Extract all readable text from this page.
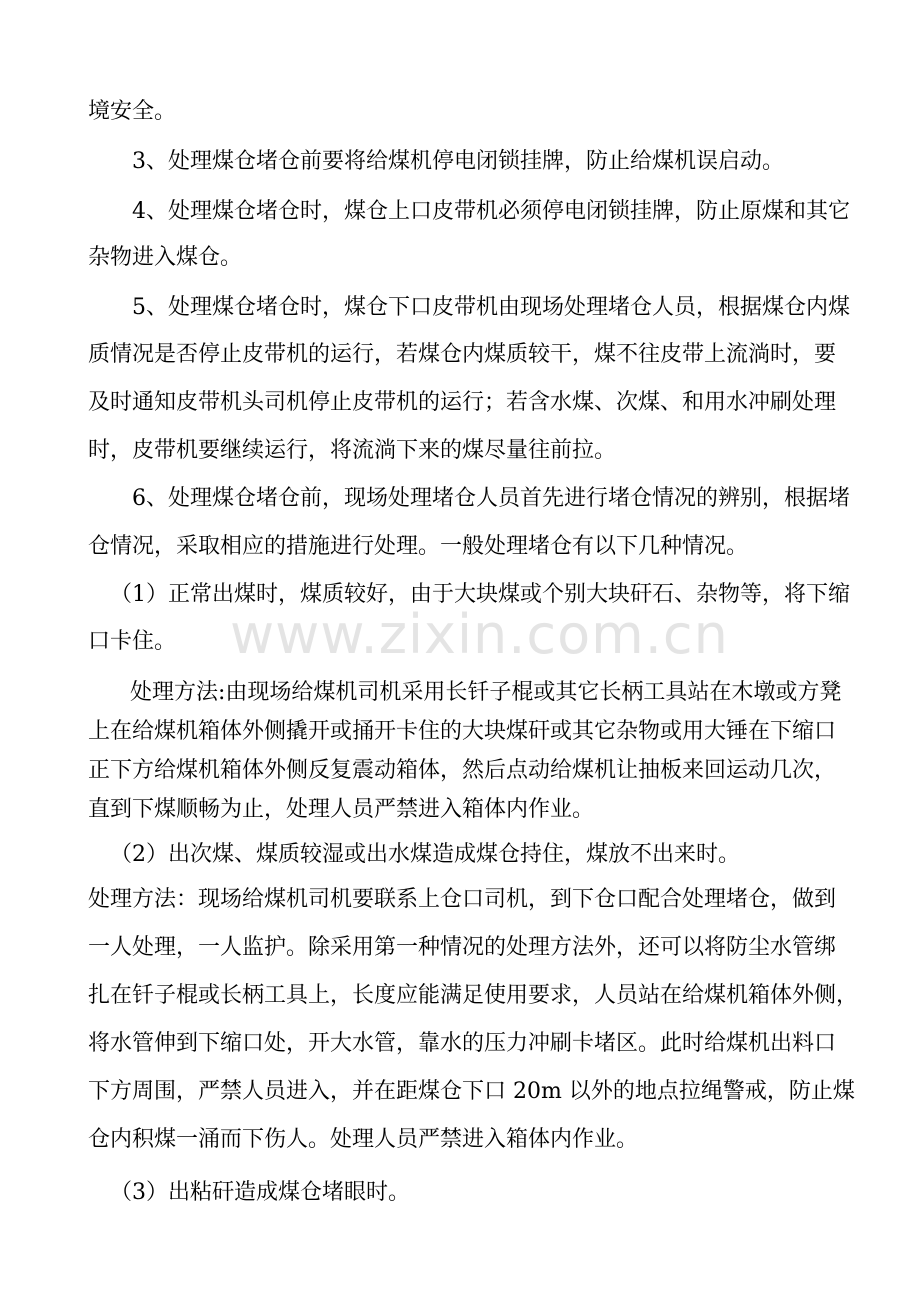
www.zixin.com.cn

境安全。

3、处理煤仓堵仓前要将给煤机停电闭锁挂牌，防止给煤机误启动。

4、处理煤仓堵仓时，煤仓上口皮带机必须停电闭锁挂牌，防止原煤和其它

杂物进入煤仓。

5、处理煤仓堵仓时，煤仓下口皮带机由现场处理堵仓人员，根据煤仓内煤

质情况是否停止皮带机的运行，若煤仓内煤质较干，煤不往皮带上流淌时，要

及时通知皮带机头司机停止皮带机的运行；若含水煤、次煤、和用水冲刷处理

时，皮带机要继续运行，将流淌下来的煤尽量往前拉。

6、处理煤仓堵仓前，现场处理堵仓人员首先进行堵仓情况的辨别，根据堵

仓情况，采取相应的措施进行处理。一般处理堵仓有以下几种情况。

（1）正常出煤时，煤质较好，由于大块煤或个别大块矸石、杂物等，将下缩

口卡住。

处理方法:由现场给煤机司机采用长钎子棍或其它长柄工具站在木墩或方凳

上在给煤机箱体外侧撬开或捅开卡住的大块煤矸或其它杂物或用大锤在下缩口

正下方给煤机箱体外侧反复震动箱体，然后点动给煤机让抽板来回运动几次，

直到下煤顺畅为止，处理人员严禁进入箱体内作业。

（2）出次煤、煤质较湿或出水煤造成煤仓持住，煤放不出来时。

处理方法：现场给煤机司机要联系上仓口司机，到下仓口配合处理堵仓，做到

一人处理，一人监护。除采用第一种情况的处理方法外，还可以将防尘水管绑

扎在钎子棍或长柄工具上，长度应能满足使用要求，人员站在给煤机箱体外侧，

将水管伸到下缩口处，开大水管，靠水的压力冲刷卡堵区。此时给煤机出料口

下方周围，严禁人员进入，并在距煤仓下口 20m 以外的地点拉绳警戒，防止煤

仓内积煤一涌而下伤人。处理人员严禁进入箱体内作业。

（3）出粘矸造成煤仓堵眼时。
